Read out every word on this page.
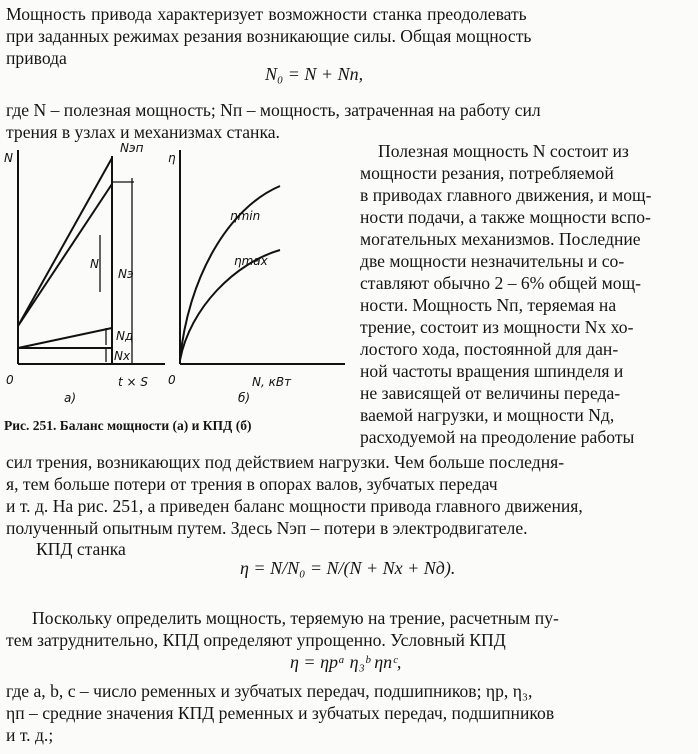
Мощность привода характеризует возможности станка преодолевать
при заданных режимах резания возникающие силы. Общая мощность
привода
N₀ = N + Nп,
где N – полезная мощность; Nп – мощность, затраченная на работу сил
трения в узлах и механизмах станка.
N
0	t × S
a)
Nэп
N
Nэ
Nд
Nх
η
0	N, кВт
б)
ηmin
ηmax
Рис. 251. Баланс мощности (а) и КПД (б)
Полезная мощность N состоит из
мощности резания, потребляемой
в приводах главного движения, и мощ-
ности подачи, а также мощности вспо-
могательных механизмов. Последние
две мощности незначительны и со-
ставляют обычно 2 – 6% общей мощ-
ности. Мощность Nп, теряемая на
трение, состоит из мощности Nх хо-
лостого хода, постоянной для дан-
ной частоты вращения шпинделя и
не зависящей от величины переда-
ваемой нагрузки, и мощности Nд,
расходуемой на преодоление работы
сил трения, возникающих под действием нагрузки. Чем больше последня-
я, тем больше потери от трения в опорах валов, зубчатых передач
и т. д. На рис. 251, а приведен баланс мощности привода главного движения,
полученный опытным путем. Здесь Nэп – потери в электродвигателе.
КПД станка
η = N/N₀ = N/(N + Nх + Nд).
Поскольку определить мощность, теряемую на трение, расчетным пу-
тем затруднительно, КПД определяют упрощенно. Условный КПД
η = ηрᵃ η₃ᵇ ηпᶜ,
где a, b, c – число ременных и зубчатых передач, подшипников; ηр, η₃,
ηп – средние значения КПД ременных и зубчатых передач, подшипников
и т. д.;
